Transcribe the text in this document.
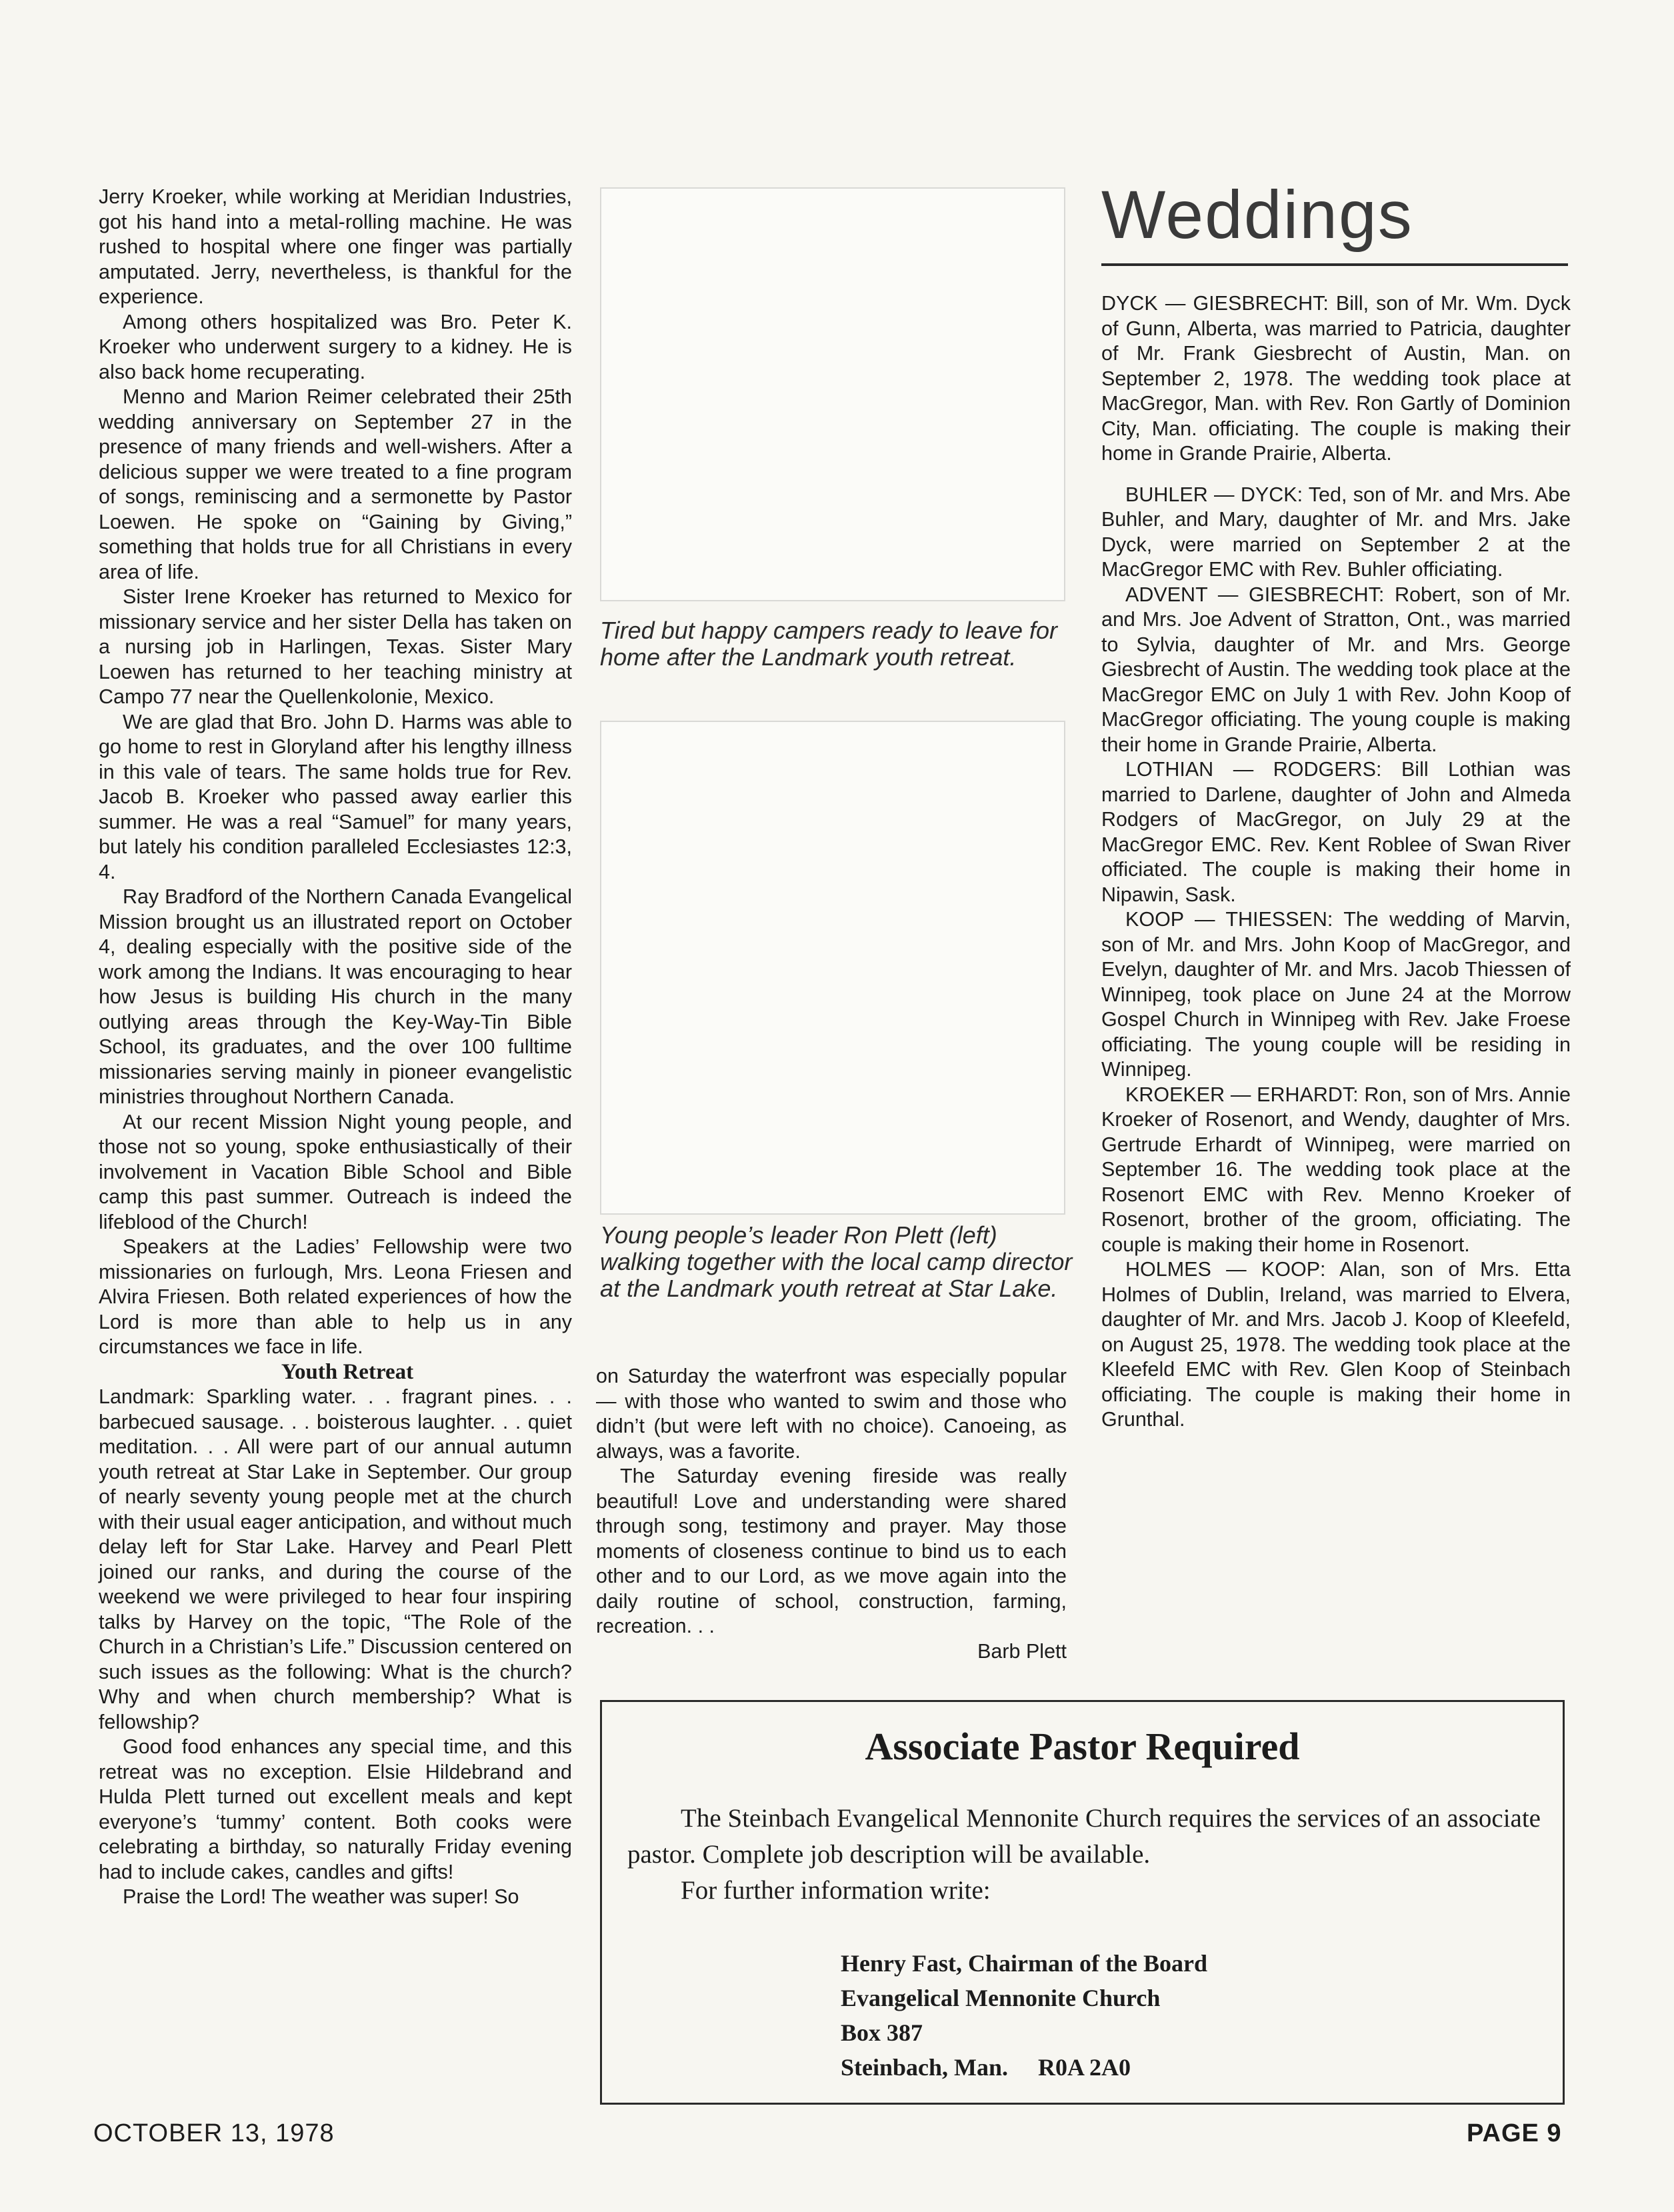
Jerry Kroeker, while working at Meridian Industries, got his hand into a metal-rolling machine. He was rushed to hospital where one finger was partially amputated. Jerry, nevertheless, is thankful for the experience.

Among others hospitalized was Bro. Peter K. Kroeker who underwent surgery to a kidney. He is also back home recuperating.

Menno and Marion Reimer celebrated their 25th wedding anniversary on September 27 in the presence of many friends and well-wishers. After a delicious supper we were treated to a fine program of songs, reminiscing and a sermonette by Pastor Loewen. He spoke on “Gaining by Giving,” something that holds true for all Christians in every area of life.

Sister Irene Kroeker has returned to Mexico for missionary service and her sister Della has taken on a nursing job in Harlingen, Texas. Sister Mary Loewen has returned to her teaching ministry at Campo 77 near the Quellenkolonie, Mexico.

We are glad that Bro. John D. Harms was able to go home to rest in Gloryland after his lengthy illness in this vale of tears. The same holds true for Rev. Jacob B. Kroeker who passed away earlier this summer. He was a real “Samuel” for many years, but lately his condition paralleled Ecclesiastes 12:3, 4.

Ray Bradford of the Northern Canada Evangelical Mission brought us an illustrated report on October 4, dealing especially with the positive side of the work among the Indians. It was encouraging to hear how Jesus is building His church in the many outlying areas through the Key-Way-Tin Bible School, its graduates, and the over 100 fulltime missionaries serving mainly in pioneer evangelistic ministries throughout Northern Canada.

At our recent Mission Night young people, and those not so young, spoke enthusiastically of their involvement in Vacation Bible School and Bible camp this past summer. Outreach is indeed the lifeblood of the Church!

Speakers at the Ladies’ Fellowship were two missionaries on furlough, Mrs. Leona Friesen and Alvira Friesen. Both related experiences of how the Lord is more than able to help us in any circumstances we face in life.

Youth Retreat

Landmark: Sparkling water. . . fragrant pines. . . barbecued sausage. . . boisterous laughter. . . quiet meditation. . . All were part of our annual autumn youth retreat at Star Lake in September. Our group of nearly seventy young people met at the church with their usual eager anticipation, and without much delay left for Star Lake. Harvey and Pearl Plett joined our ranks, and during the course of the weekend we were privileged to hear four inspiring talks by Harvey on the topic, “The Role of the Church in a Christian’s Life.” Discussion centered on such issues as the following: What is the church? Why and when church membership? What is fellowship?

Good food enhances any special time, and this retreat was no exception. Elsie Hildebrand and Hulda Plett turned out excellent meals and kept everyone’s ‘tummy’ content. Both cooks were celebrating a birthday, so naturally Friday evening had to include cakes, candles and gifts!

Praise the Lord! The weather was super! So

Tired but happy campers ready to leave for home after the Landmark youth retreat.
Young people’s leader Ron Plett (left) walking together with the local camp director at the Landmark youth retreat at Star Lake.

on Saturday the waterfront was especially popular — with those who wanted to swim and those who didn’t (but were left with no choice). Canoeing, as always, was a favorite.

The Saturday evening fireside was really beautiful! Love and understanding were shared through song, testimony and prayer. May those moments of closeness continue to bind us to each other and to our Lord, as we move again into the daily routine of school, construction, farming, recreation. . .

Barb Plett

Weddings

DYCK — GIESBRECHT: Bill, son of Mr. Wm. Dyck of Gunn, Alberta, was married to Patricia, daughter of Mr. Frank Giesbrecht of Austin, Man. on September 2, 1978. The wedding took place at MacGregor, Man. with Rev. Ron Gartly of Dominion City, Man. officiating. The couple is making their home in Grande Prairie, Alberta.

BUHLER — DYCK: Ted, son of Mr. and Mrs. Abe Buhler, and Mary, daughter of Mr. and Mrs. Jake Dyck, were married on September 2 at the MacGregor EMC with Rev. Buhler officiating.

ADVENT — GIESBRECHT: Robert, son of Mr. and Mrs. Joe Advent of Stratton, Ont., was married to Sylvia, daughter of Mr. and Mrs. George Giesbrecht of Austin. The wedding took place at the MacGregor EMC on July 1 with Rev. John Koop of MacGregor officiating. The young couple is making their home in Grande Prairie, Alberta.

LOTHIAN — RODGERS: Bill Lothian was married to Darlene, daughter of John and Almeda Rodgers of MacGregor, on July 29 at the MacGregor EMC. Rev. Kent Roblee of Swan River officiated. The couple is making their home in Nipawin, Sask.

KOOP — THIESSEN: The wedding of Marvin, son of Mr. and Mrs. John Koop of MacGregor, and Evelyn, daughter of Mr. and Mrs. Jacob Thiessen of Winnipeg, took place on June 24 at the Morrow Gospel Church in Winnipeg with Rev. Jake Froese officiating. The young couple will be residing in Winnipeg.

KROEKER — ERHARDT: Ron, son of Mrs. Annie Kroeker of Rosenort, and Wendy, daughter of Mrs. Gertrude Erhardt of Winnipeg, were married on September 16. The wedding took place at the Rosenort EMC with Rev. Menno Kroeker of Rosenort, brother of the groom, officiating. The couple is making their home in Rosenort.

HOLMES — KOOP: Alan, son of Mrs. Etta Holmes of Dublin, Ireland, was married to Elvera, daughter of Mr. and Mrs. Jacob J. Koop of Kleefeld, on August 25, 1978. The wedding took place at the Kleefeld EMC with Rev. Glen Koop of Steinbach officiating. The couple is making their home in Grunthal.

Associate Pastor Required

The Steinbach Evangelical Mennonite Church requires the services of an associate pastor. Complete job description will be available.

For further information write:

Henry Fast, Chairman of the Board
Evangelical Mennonite Church
Box 387
Steinbach, Man.     R0A 2A0
OCTOBER 13, 1978	PAGE 9
